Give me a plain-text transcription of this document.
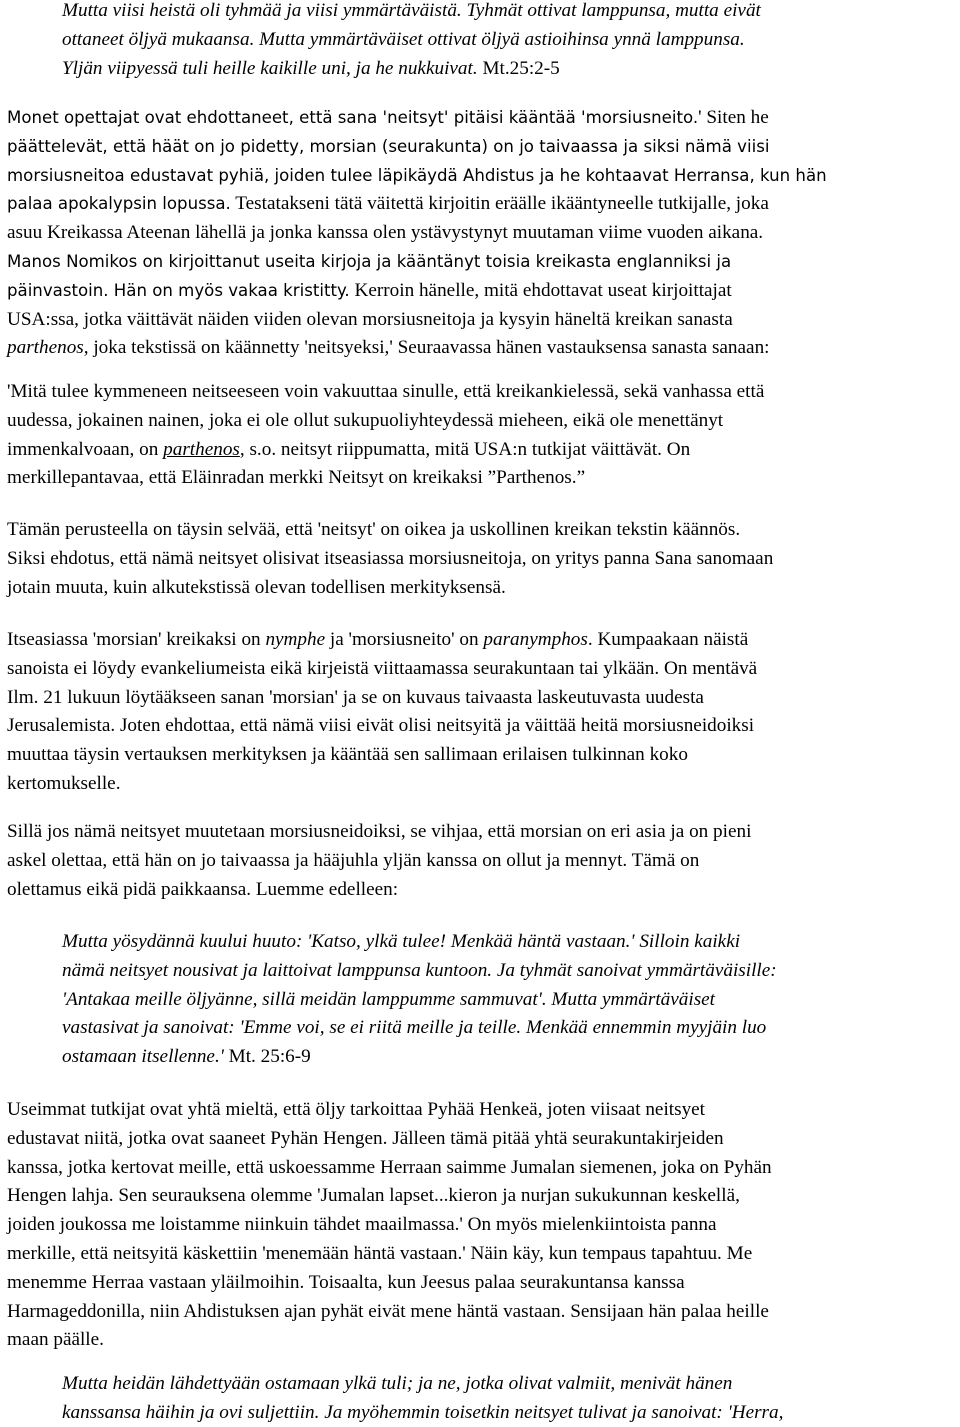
Mutta viisi heistä oli tyhmää ja viisi ymmärtäväistä. Tyhmät ottivat lamppunsa, mutta eivät
ottaneet öljyä mukaansa. Mutta ymmärtäväiset ottivat öljyä astioihinsa ynnä lamppunsa.
Yljän viipyessä tuli heille kaikille uni, ja he nukkuivat. Mt.25:2-5
Monet opettajat ovat ehdottaneet, että sana 'neitsyt' pitäisi kääntää 'morsiusneito.' Siten he
päättelevät, että häät on jo pidetty, morsian (seurakunta) on jo taivaassa ja siksi nämä viisi
morsiusneitoa edustavat pyhiä, joiden tulee läpikäydä Ahdistus ja he kohtaavat Herransa, kun hän
palaa apokalypsin lopussa. Testatakseni tätä väitettä kirjoitin eräälle ikääntyneelle tutkijalle, joka
asuu Kreikassa Ateenan lähellä ja jonka kanssa olen ystävystynyt muutaman viime vuoden aikana.
Manos Nomikos on kirjoittanut useita kirjoja ja kääntänyt toisia kreikasta englanniksi ja
päinvastoin. Hän on myös vakaa kristitty. Kerroin hänelle, mitä ehdottavat useat kirjoittajat
USA:ssa, jotka väittävät näiden viiden olevan morsiusneitoja ja kysyin häneltä kreikan sanasta
parthenos, joka tekstissä on käännetty 'neitsyeksi,' Seuraavassa hänen vastauksensa sanasta sanaan:
'Mitä tulee kymmeneen neitseeseen voin vakuuttaa sinulle, että kreikankielessä, sekä vanhassa että
uudessa, jokainen nainen, joka ei ole ollut sukupuoliyhteydessä mieheen, eikä ole menettänyt
immenkalvoaan, on parthenos, s.o. neitsyt riippumatta, mitä USA:n tutkijat väittävät. On
merkillepantavaa, että Eläinradan merkki Neitsyt on kreikaksi ”Parthenos.”
Tämän perusteella on täysin selvää, että 'neitsyt' on oikea ja uskollinen kreikan tekstin käännös.
Siksi ehdotus, että nämä neitsyet olisivat itseasiassa morsiusneitoja, on yritys panna Sana sanomaan
jotain muuta, kuin alkutekstissä olevan todellisen merkityksensä.
Itseasiassa 'morsian' kreikaksi on nymphe ja 'morsiusneito' on paranymphos. Kumpaakaan näistä
sanoista ei löydy evankeliumeista eikä kirjeistä viittaamassa seurakuntaan tai ylkään. On mentävä
Ilm. 21 lukuun löytääkseen sanan 'morsian' ja se on kuvaus taivaasta laskeutuvasta uudesta
Jerusalemista. Joten ehdottaa, että nämä viisi eivät olisi neitsyitä ja väittää heitä morsiusneidoiksi
muuttaa täysin vertauksen merkityksen ja kääntää sen sallimaan erilaisen tulkinnan koko
kertomukselle.
Sillä jos nämä neitsyet muutetaan morsiusneidoiksi, se vihjaa, että morsian on eri asia ja on pieni
askel olettaa, että hän on jo taivaassa ja hääjuhla yljän kanssa on ollut ja mennyt. Tämä on
olettamus eikä pidä paikkaansa. Luemme edelleen:
Mutta yösydännä kuului huuto: 'Katso, ylkä tulee! Menkää häntä vastaan.' Silloin kaikki
nämä neitsyet nousivat ja laittoivat lamppunsa kuntoon. Ja tyhmät sanoivat ymmärtäväisille:
'Antakaa meille öljyänne, sillä meidän lamppumme sammuvat'. Mutta ymmärtäväiset
vastasivat ja sanoivat: 'Emme voi, se ei riitä meille ja teille. Menkää ennemmin myyjäin luo
ostamaan itsellenne.' Mt. 25:6-9
Useimmat tutkijat ovat yhtä mieltä, että öljy tarkoittaa Pyhää Henkeä, joten viisaat neitsyet
edustavat niitä, jotka ovat saaneet Pyhän Hengen. Jälleen tämä pitää yhtä seurakuntakirjeiden
kanssa, jotka kertovat meille, että uskoessamme Herraan saimme Jumalan siemenen, joka on Pyhän
Hengen lahja. Sen seurauksena olemme 'Jumalan lapset...kieron ja nurjan sukukunnan keskellä,
joiden joukossa me loistamme niinkuin tähdet maailmassa.' On myös mielenkiintoista panna
merkille, että neitsyitä käskettiin 'menemään häntä vastaan.' Näin käy, kun tempaus tapahtuu. Me
menemme Herraa vastaan yläilmoihin. Toisaalta, kun Jeesus palaa seurakuntansa kanssa
Harmageddonilla, niin Ahdistuksen ajan pyhät eivät mene häntä vastaan. Sensijaan hän palaa heille
maan päälle.
Mutta heidän lähdettyään ostamaan ylkä tuli; ja ne, jotka olivat valmiit, menivät hänen
kanssansa häihin ja ovi suljettiin. Ja myöhemmin toisetkin neitsyet tulivat ja sanoivat: 'Herra,
